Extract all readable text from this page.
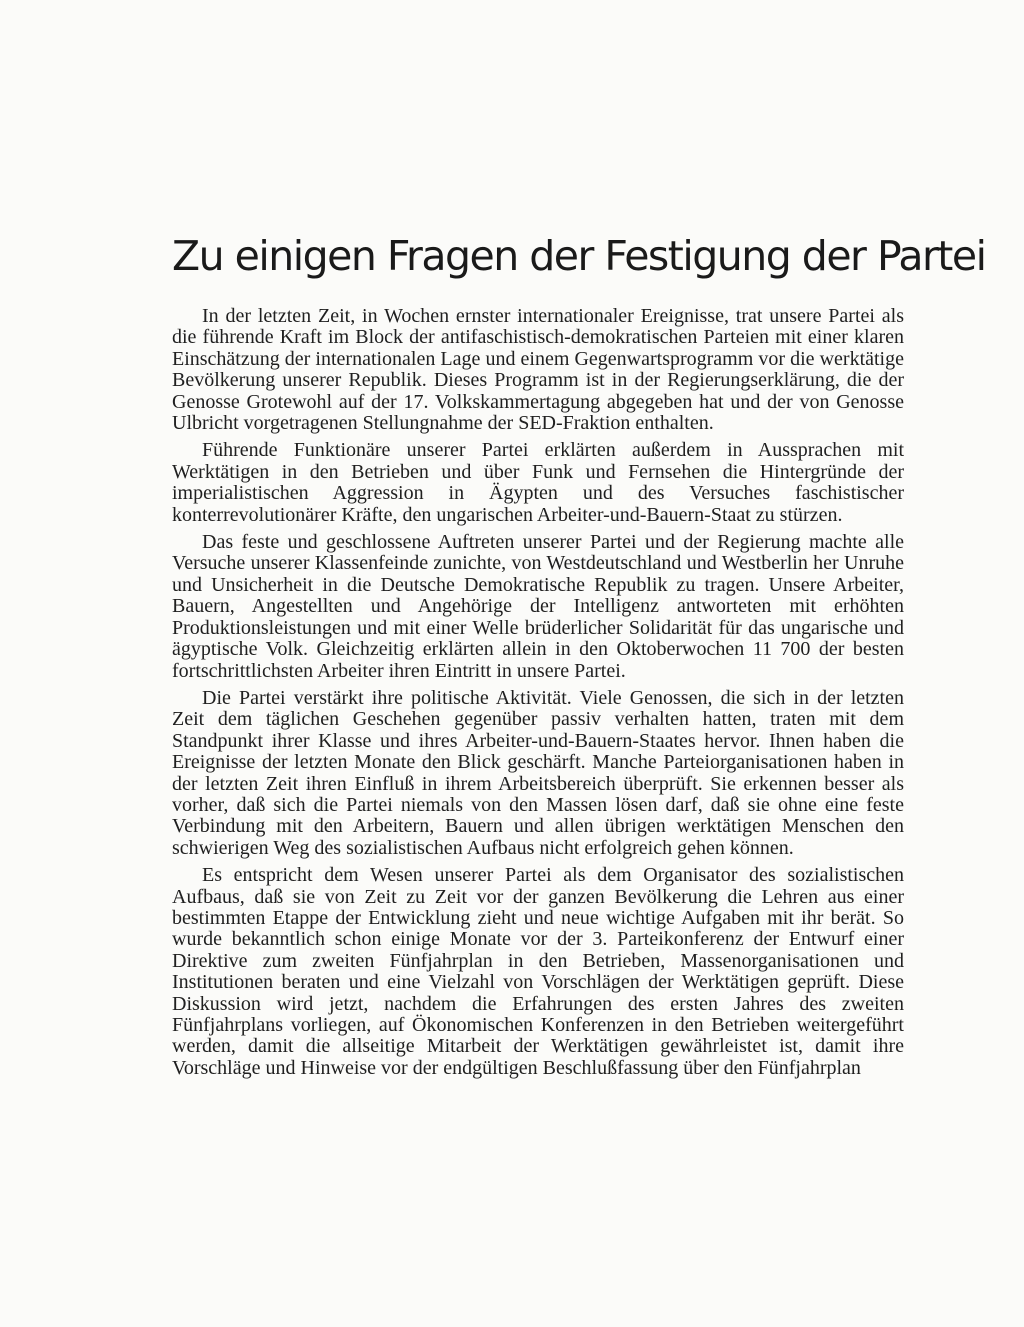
Zu einigen Fragen der Festigung der Partei

In der letzten Zeit, in Wochen ernster internationaler Ereignisse, trat unsere Partei als die führende Kraft im Block der antifaschistisch-demokratischen Parteien mit einer klaren Einschätzung der internationalen Lage und einem Gegenwartsprogramm vor die werktätige Bevölkerung unserer Republik. Dieses Programm ist in der Regierungserklärung, die der Genosse Grotewohl auf der 17. Volkskammertagung abgegeben hat und der von Genosse Ulbricht vorgetragenen Stellungnahme der SED-Fraktion enthalten.

Führende Funktionäre unserer Partei erklärten außerdem in Aussprachen mit Werktätigen in den Betrieben und über Funk und Fernsehen die Hintergründe der imperialistischen Aggression in Ägypten und des Versuches faschistischer konterrevolutionärer Kräfte, den ungarischen Arbeiter-und-Bauern-Staat zu stürzen.

Das feste und geschlossene Auftreten unserer Partei und der Regierung machte alle Versuche unserer Klassenfeinde zunichte, von Westdeutschland und Westberlin her Unruhe und Unsicherheit in die Deutsche Demokratische Republik zu tragen. Unsere Arbeiter, Bauern, Angestellten und Angehörige der Intelligenz antworteten mit erhöhten Produktionsleistungen und mit einer Welle brüderlicher Solidarität für das ungarische und ägyptische Volk. Gleichzeitig erklärten allein in den Oktoberwochen 11 700 der besten fortschrittlichsten Arbeiter ihren Eintritt in unsere Partei.

Die Partei verstärkt ihre politische Aktivität. Viele Genossen, die sich in der letzten Zeit dem täglichen Geschehen gegenüber passiv verhalten hatten, traten mit dem Standpunkt ihrer Klasse und ihres Arbeiter-und-Bauern-Staates hervor. Ihnen haben die Ereignisse der letzten Monate den Blick geschärft. Manche Parteiorganisationen haben in der letzten Zeit ihren Einfluß in ihrem Arbeitsbereich überprüft. Sie erkennen besser als vorher, daß sich die Partei niemals von den Massen lösen darf, daß sie ohne eine feste Verbindung mit den Arbeitern, Bauern und allen übrigen werktätigen Menschen den schwierigen Weg des sozialistischen Aufbaus nicht erfolgreich gehen können.

Es entspricht dem Wesen unserer Partei als dem Organisator des sozialistischen Aufbaus, daß sie von Zeit zu Zeit vor der ganzen Bevölkerung die Lehren aus einer bestimmten Etappe der Entwicklung zieht und neue wichtige Aufgaben mit ihr berät. So wurde bekanntlich schon einige Monate vor der 3. Parteikonferenz der Entwurf einer Direktive zum zweiten Fünfjahrplan in den Betrieben, Massenorganisationen und Institutionen beraten und eine Vielzahl von Vorschlägen der Werktätigen geprüft. Diese Diskussion wird jetzt, nachdem die Erfahrungen des ersten Jahres des zweiten Fünfjahrplans vorliegen, auf Ökonomischen Konferenzen in den Betrieben weitergeführt werden, damit die allseitige Mitarbeit der Werktätigen gewährleistet ist, damit ihre Vorschläge und Hinweise vor der endgültigen Beschlußfassung über den Fünfjahrplan
